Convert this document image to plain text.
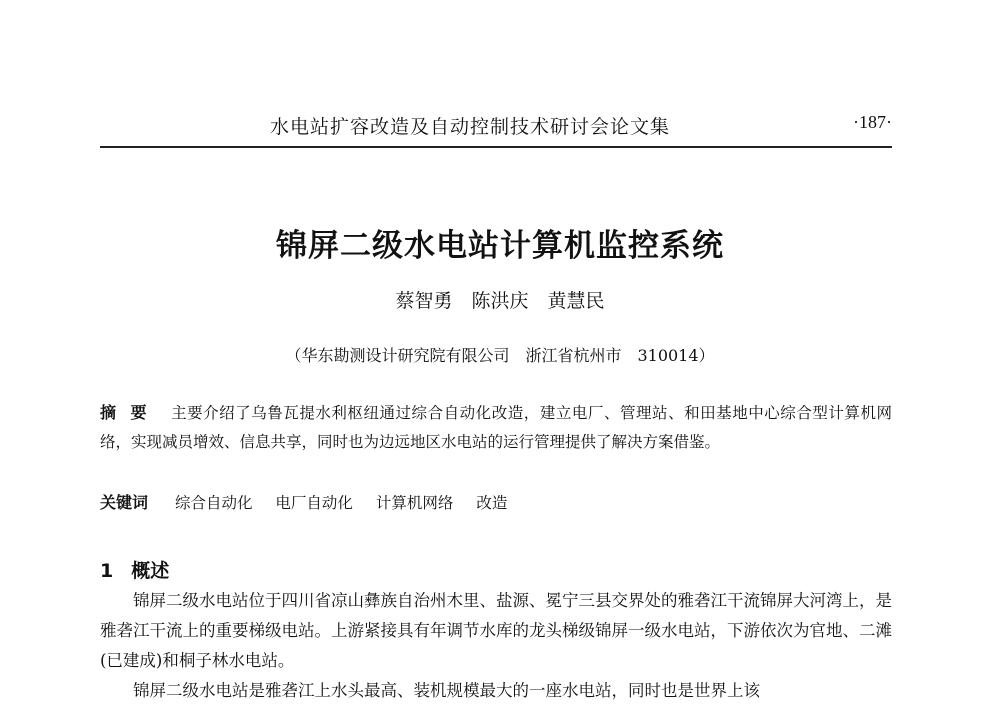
水电站扩容改造及自动控制技术研讨会论文集	·187·
锦屏二级水电站计算机监控系统
蔡智勇　陈洪庆　黄慧民
（华东勘测设计研究院有限公司　浙江省杭州市　310014）
摘要 主要介绍了乌鲁瓦提水利枢纽通过综合自动化改造，建立电厂、管理站、和田基地中心综合型计算机网络，实现减员增效、信息共享，同时也为边远地区水电站的运行管理提供了解决方案借鉴。
关键词 综合自动化 电厂自动化 计算机网络 改造
1 概述

锦屏二级水电站位于四川省凉山彝族自治州木里、盐源、冕宁三县交界处的雅砻江干流锦屏大河湾上，是雅砻江干流上的重要梯级电站。上游紧接具有年调节水库的龙头梯级锦屏一级水电站，下游依次为官地、二滩(已建成)和桐子林水电站。

锦屏二级水电站是雅砻江上水头最高、装机规模最大的一座水电站，同时也是世界上该
